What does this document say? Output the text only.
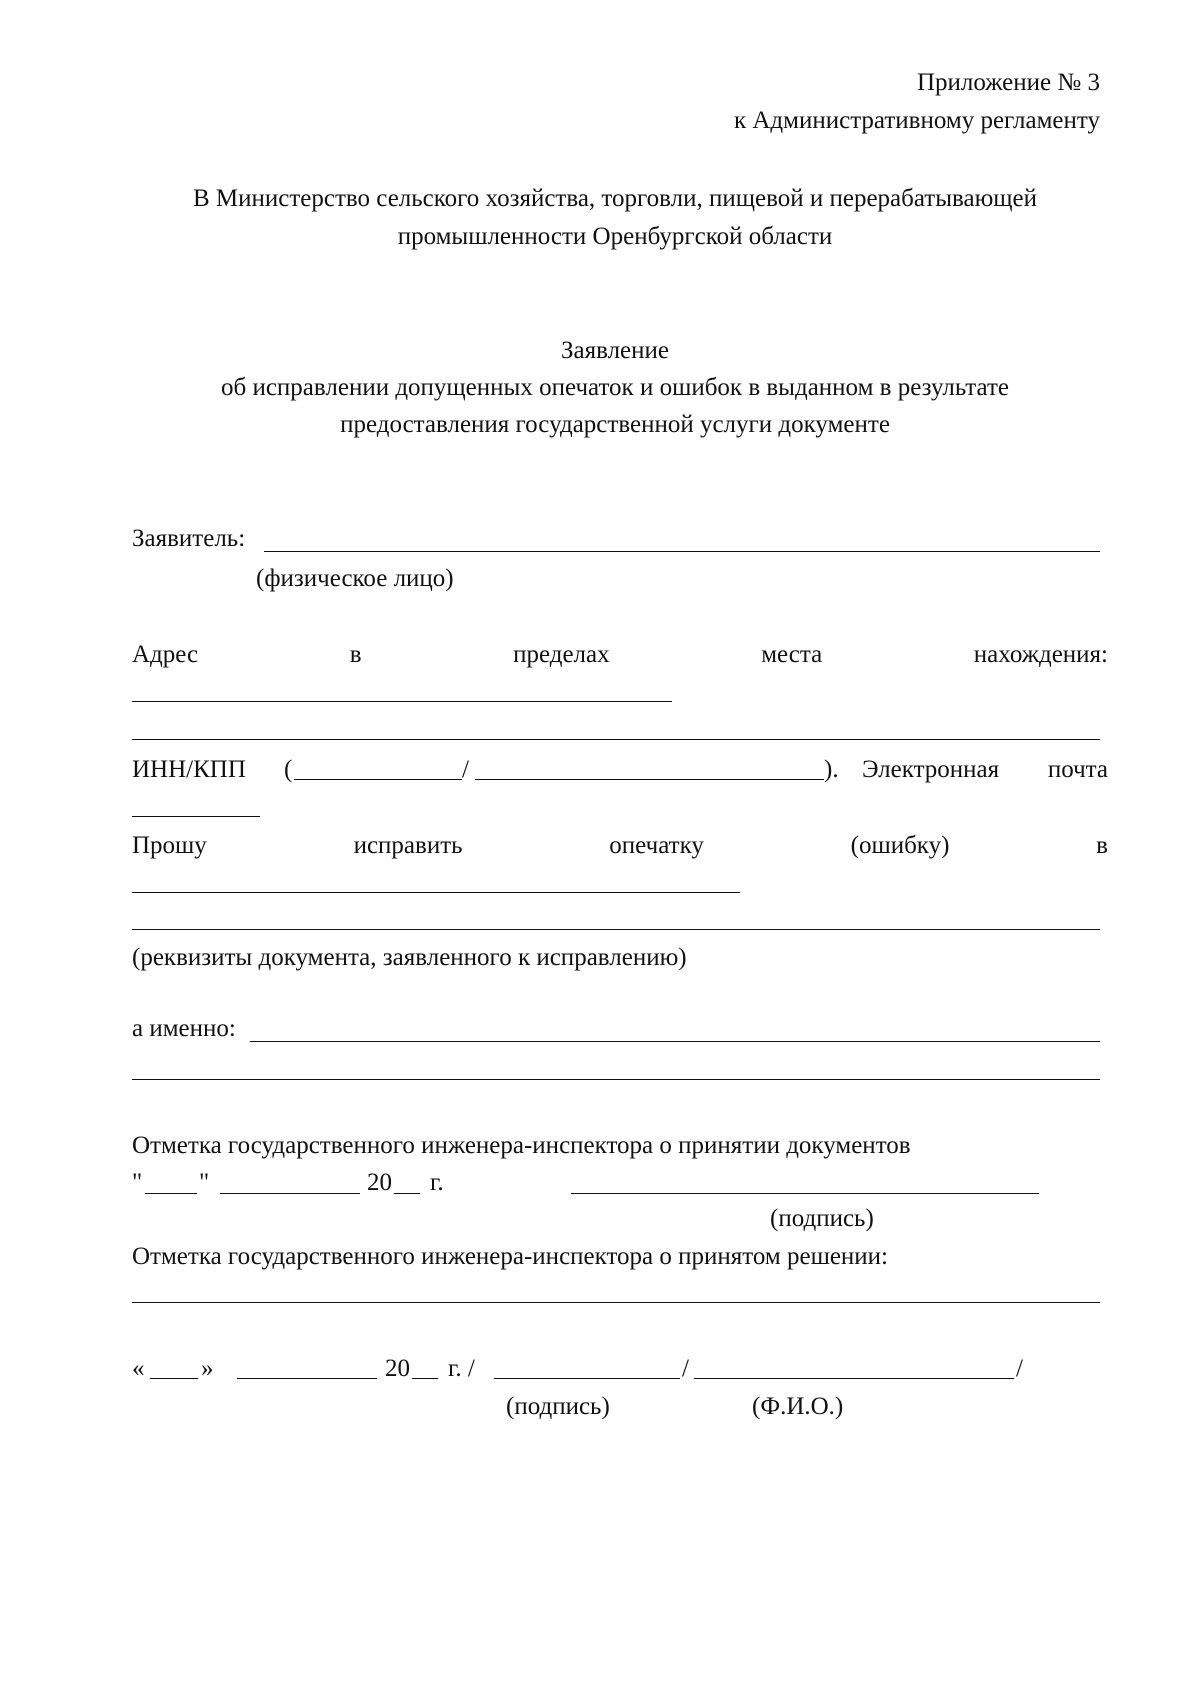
Приложение № 3
к Административному регламенту
В Министерство сельского хозяйства, торговли, пищевой и перерабатывающей
промышленности Оренбургской области
Заявление
об исправлении допущенных опечаток и ошибок в выданном в результате
предоставления государственной услуги документе
Заявитель:
(физическое лицо)
Адрес	в	пределах	места	нахождения:
ИНН/КПП (	/	). Электронная почта
Прошу	исправить	опечатку	(ошибку)	в
(реквизиты документа, заявленного к исправлению)
а именно:
Отметка государственного инженера-инспектора о принятии документов
" "	20 г.
(подпись)
Отметка государственного инженера-инспектора о принятом решении:
« »	20 г. /	/	/
(подпись)	(Ф.И.О.)
